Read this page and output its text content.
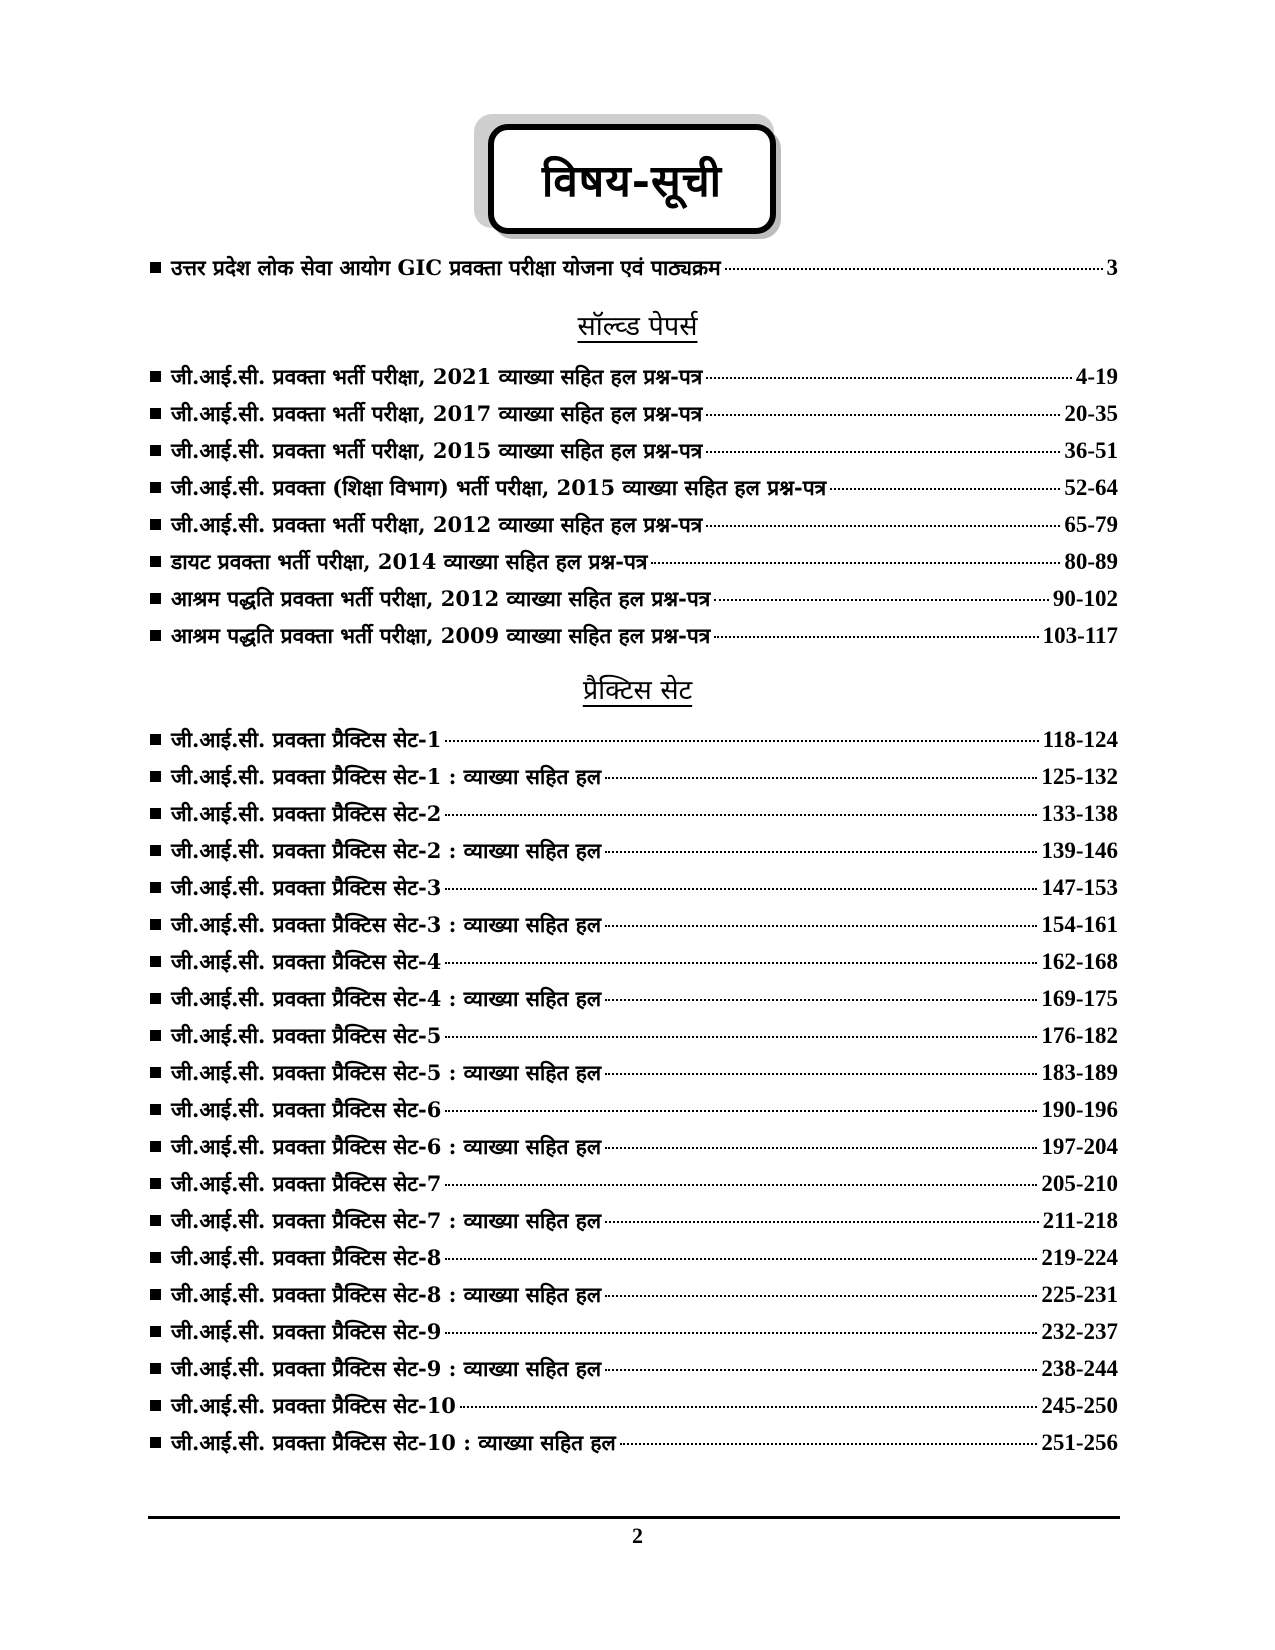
विषय-सूची
उत्तर प्रदेश लोक सेवा आयोग GIC प्रवक्ता परीक्षा योजना एवं पाठ्यक्रम	3
सॉल्व्ड पेपर्स
जी.आई.सी. प्रवक्ता भर्ती परीक्षा, 2021 व्याख्या सहित हल प्रश्न-पत्र	4-19
जी.आई.सी. प्रवक्ता भर्ती परीक्षा, 2017 व्याख्या सहित हल प्रश्न-पत्र	20-35
जी.आई.सी. प्रवक्ता भर्ती परीक्षा, 2015 व्याख्या सहित हल प्रश्न-पत्र	36-51
जी.आई.सी. प्रवक्ता (शिक्षा विभाग) भर्ती परीक्षा, 2015 व्याख्या सहित हल प्रश्न-पत्र	52-64
जी.आई.सी. प्रवक्ता भर्ती परीक्षा, 2012 व्याख्या सहित हल प्रश्न-पत्र	65-79
डायट प्रवक्ता भर्ती परीक्षा, 2014 व्याख्या सहित हल प्रश्न-पत्र	80-89
आश्रम पद्धति प्रवक्ता भर्ती परीक्षा, 2012 व्याख्या सहित हल प्रश्न-पत्र	90-102
आश्रम पद्धति प्रवक्ता भर्ती परीक्षा, 2009 व्याख्या सहित हल प्रश्न-पत्र	103-117
प्रैक्टिस सेट
जी.आई.सी. प्रवक्ता प्रैक्टिस सेट-1	118-124
जी.आई.सी. प्रवक्ता प्रैक्टिस सेट-1 : व्याख्या सहित हल	125-132
जी.आई.सी. प्रवक्ता प्रैक्टिस सेट-2	133-138
जी.आई.सी. प्रवक्ता प्रैक्टिस सेट-2 : व्याख्या सहित हल	139-146
जी.आई.सी. प्रवक्ता प्रैक्टिस सेट-3	147-153
जी.आई.सी. प्रवक्ता प्रैक्टिस सेट-3 : व्याख्या सहित हल	154-161
जी.आई.सी. प्रवक्ता प्रैक्टिस सेट-4	162-168
जी.आई.सी. प्रवक्ता प्रैक्टिस सेट-4 : व्याख्या सहित हल	169-175
जी.आई.सी. प्रवक्ता प्रैक्टिस सेट-5	176-182
जी.आई.सी. प्रवक्ता प्रैक्टिस सेट-5 : व्याख्या सहित हल	183-189
जी.आई.सी. प्रवक्ता प्रैक्टिस सेट-6	190-196
जी.आई.सी. प्रवक्ता प्रैक्टिस सेट-6 : व्याख्या सहित हल	197-204
जी.आई.सी. प्रवक्ता प्रैक्टिस सेट-7	205-210
जी.आई.सी. प्रवक्ता प्रैक्टिस सेट-7 : व्याख्या सहित हल	211-218
जी.आई.सी. प्रवक्ता प्रैक्टिस सेट-8	219-224
जी.आई.सी. प्रवक्ता प्रैक्टिस सेट-8 : व्याख्या सहित हल	225-231
जी.आई.सी. प्रवक्ता प्रैक्टिस सेट-9	232-237
जी.आई.सी. प्रवक्ता प्रैक्टिस सेट-9 : व्याख्या सहित हल	238-244
जी.आई.सी. प्रवक्ता प्रैक्टिस सेट-10	245-250
जी.आई.सी. प्रवक्ता प्रैक्टिस सेट-10 : व्याख्या सहित हल	251-256
2
